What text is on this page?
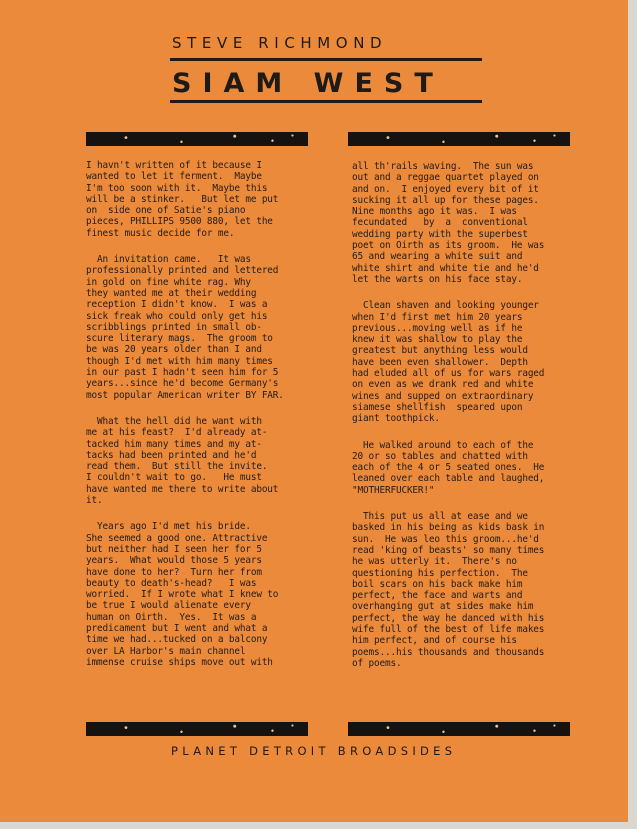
STEVE RICHMOND
SIAM WEST

I havn't written of it because I
wanted to let it ferment.  Maybe
I'm too soon with it.  Maybe this
will be a stinker.   But let me put
on  side one of Satie's piano
pieces, PHILLIPS 9500 880, let the
finest music decide for me.

An invitation came.   It was
professionally printed and lettered
in gold on fine white rag. Why
they wanted me at their wedding
reception I didn't know.  I was a
sick freak who could only get his
scribblings printed in small ob-
scure literary mags.  The groom to
be was 20 years older than I and
though I'd met with him many times
in our past I hadn't seen him for 5
years...since he'd become Germany's
most popular American writer BY FAR.

What the hell did he want with
me at his feast?  I'd already at-
tacked him many times and my at-
tacks had been printed and he'd
read them.  But still the invite.
I couldn't wait to go.   He must
have wanted me there to write about
it.

Years ago I'd met his bride.
She seemed a good one. Attractive
but neither had I seen her for 5
years.  What would those 5 years
have done to her?  Turn her from
beauty to death's-head?   I was
worried.  If I wrote what I knew to
be true I would alienate every
human on Oirth.  Yes.  It was a
predicament but I went and what a
time we had...tucked on a balcony
over LA Harbor's main channel
immense cruise ships move out with

all th'rails waving.  The sun was
out and a reggae quartet played on
and on.  I enjoyed every bit of it
sucking it all up for these pages.
Nine months ago it was.  I was
fecundated   by  a  conventional
wedding party with the superbest
poet on Oirth as its groom.  He was
65 and wearing a white suit and
white shirt and white tie and he'd
let the warts on his face stay.

Clean shaven and looking younger
when I'd first met him 20 years
previous...moving well as if he
knew it was shallow to play the
greatest but anything less would
have been even shallower.  Depth
had eluded all of us for wars raged
on even as we drank red and white
wines and supped on extraordinary
siamese shellfish  speared upon
giant toothpick.

He walked around to each of the
20 or so tables and chatted with
each of the 4 or 5 seated ones.  He
leaned over each table and laughed,
"MOTHERFUCKER!"

This put us all at ease and we
basked in his being as kids bask in
sun.  He was leo this groom...he'd
read 'king of beasts' so many times
he was utterly it.  There's no
questioning his perfection.  The
boil scars on his back make him
perfect, the face and warts and
overhanging gut at sides make him
perfect, the way he danced with his
wife full of the best of life makes
him perfect, and of course his
poems...his thousands and thousands
of poems.

PLANET DETROIT BROADSIDES
